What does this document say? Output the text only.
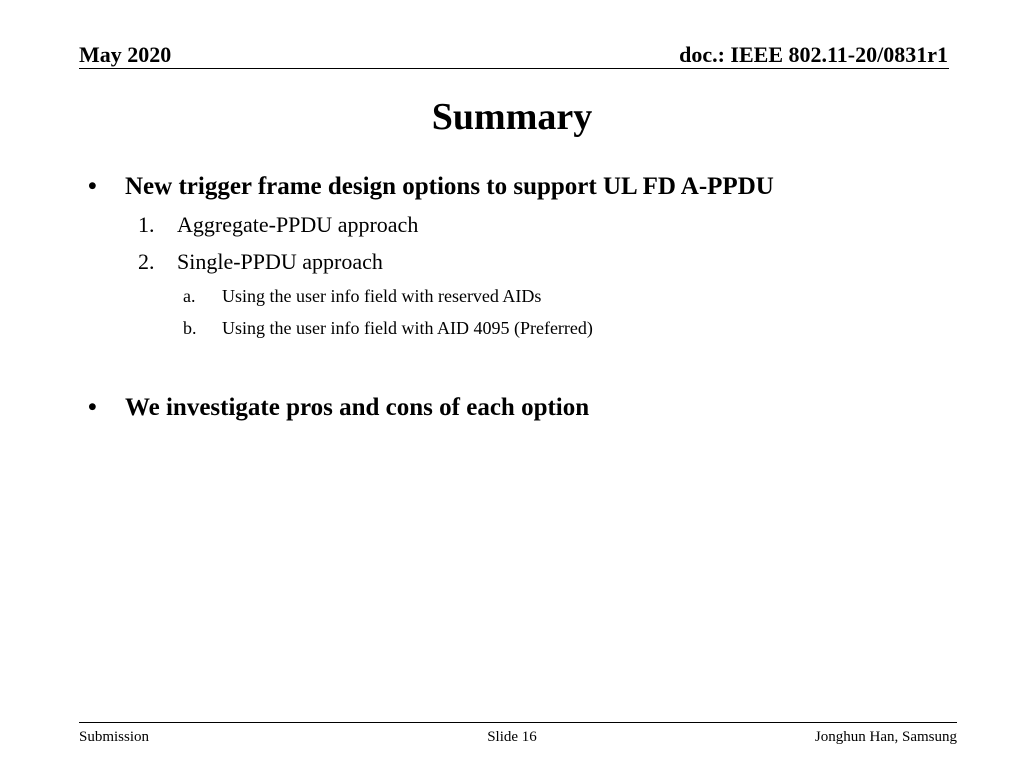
May 2020	doc.: IEEE 802.11-20/0831r1
Summary
• New trigger frame design options to support UL FD A-PPDU
1. Aggregate-PPDU approach
2. Single-PPDU approach
a. Using the user info field with reserved AIDs
b. Using the user info field with AID 4095 (Preferred)
• We investigate pros and cons of each option
Submission	Slide 16	Jonghun Han, Samsung
